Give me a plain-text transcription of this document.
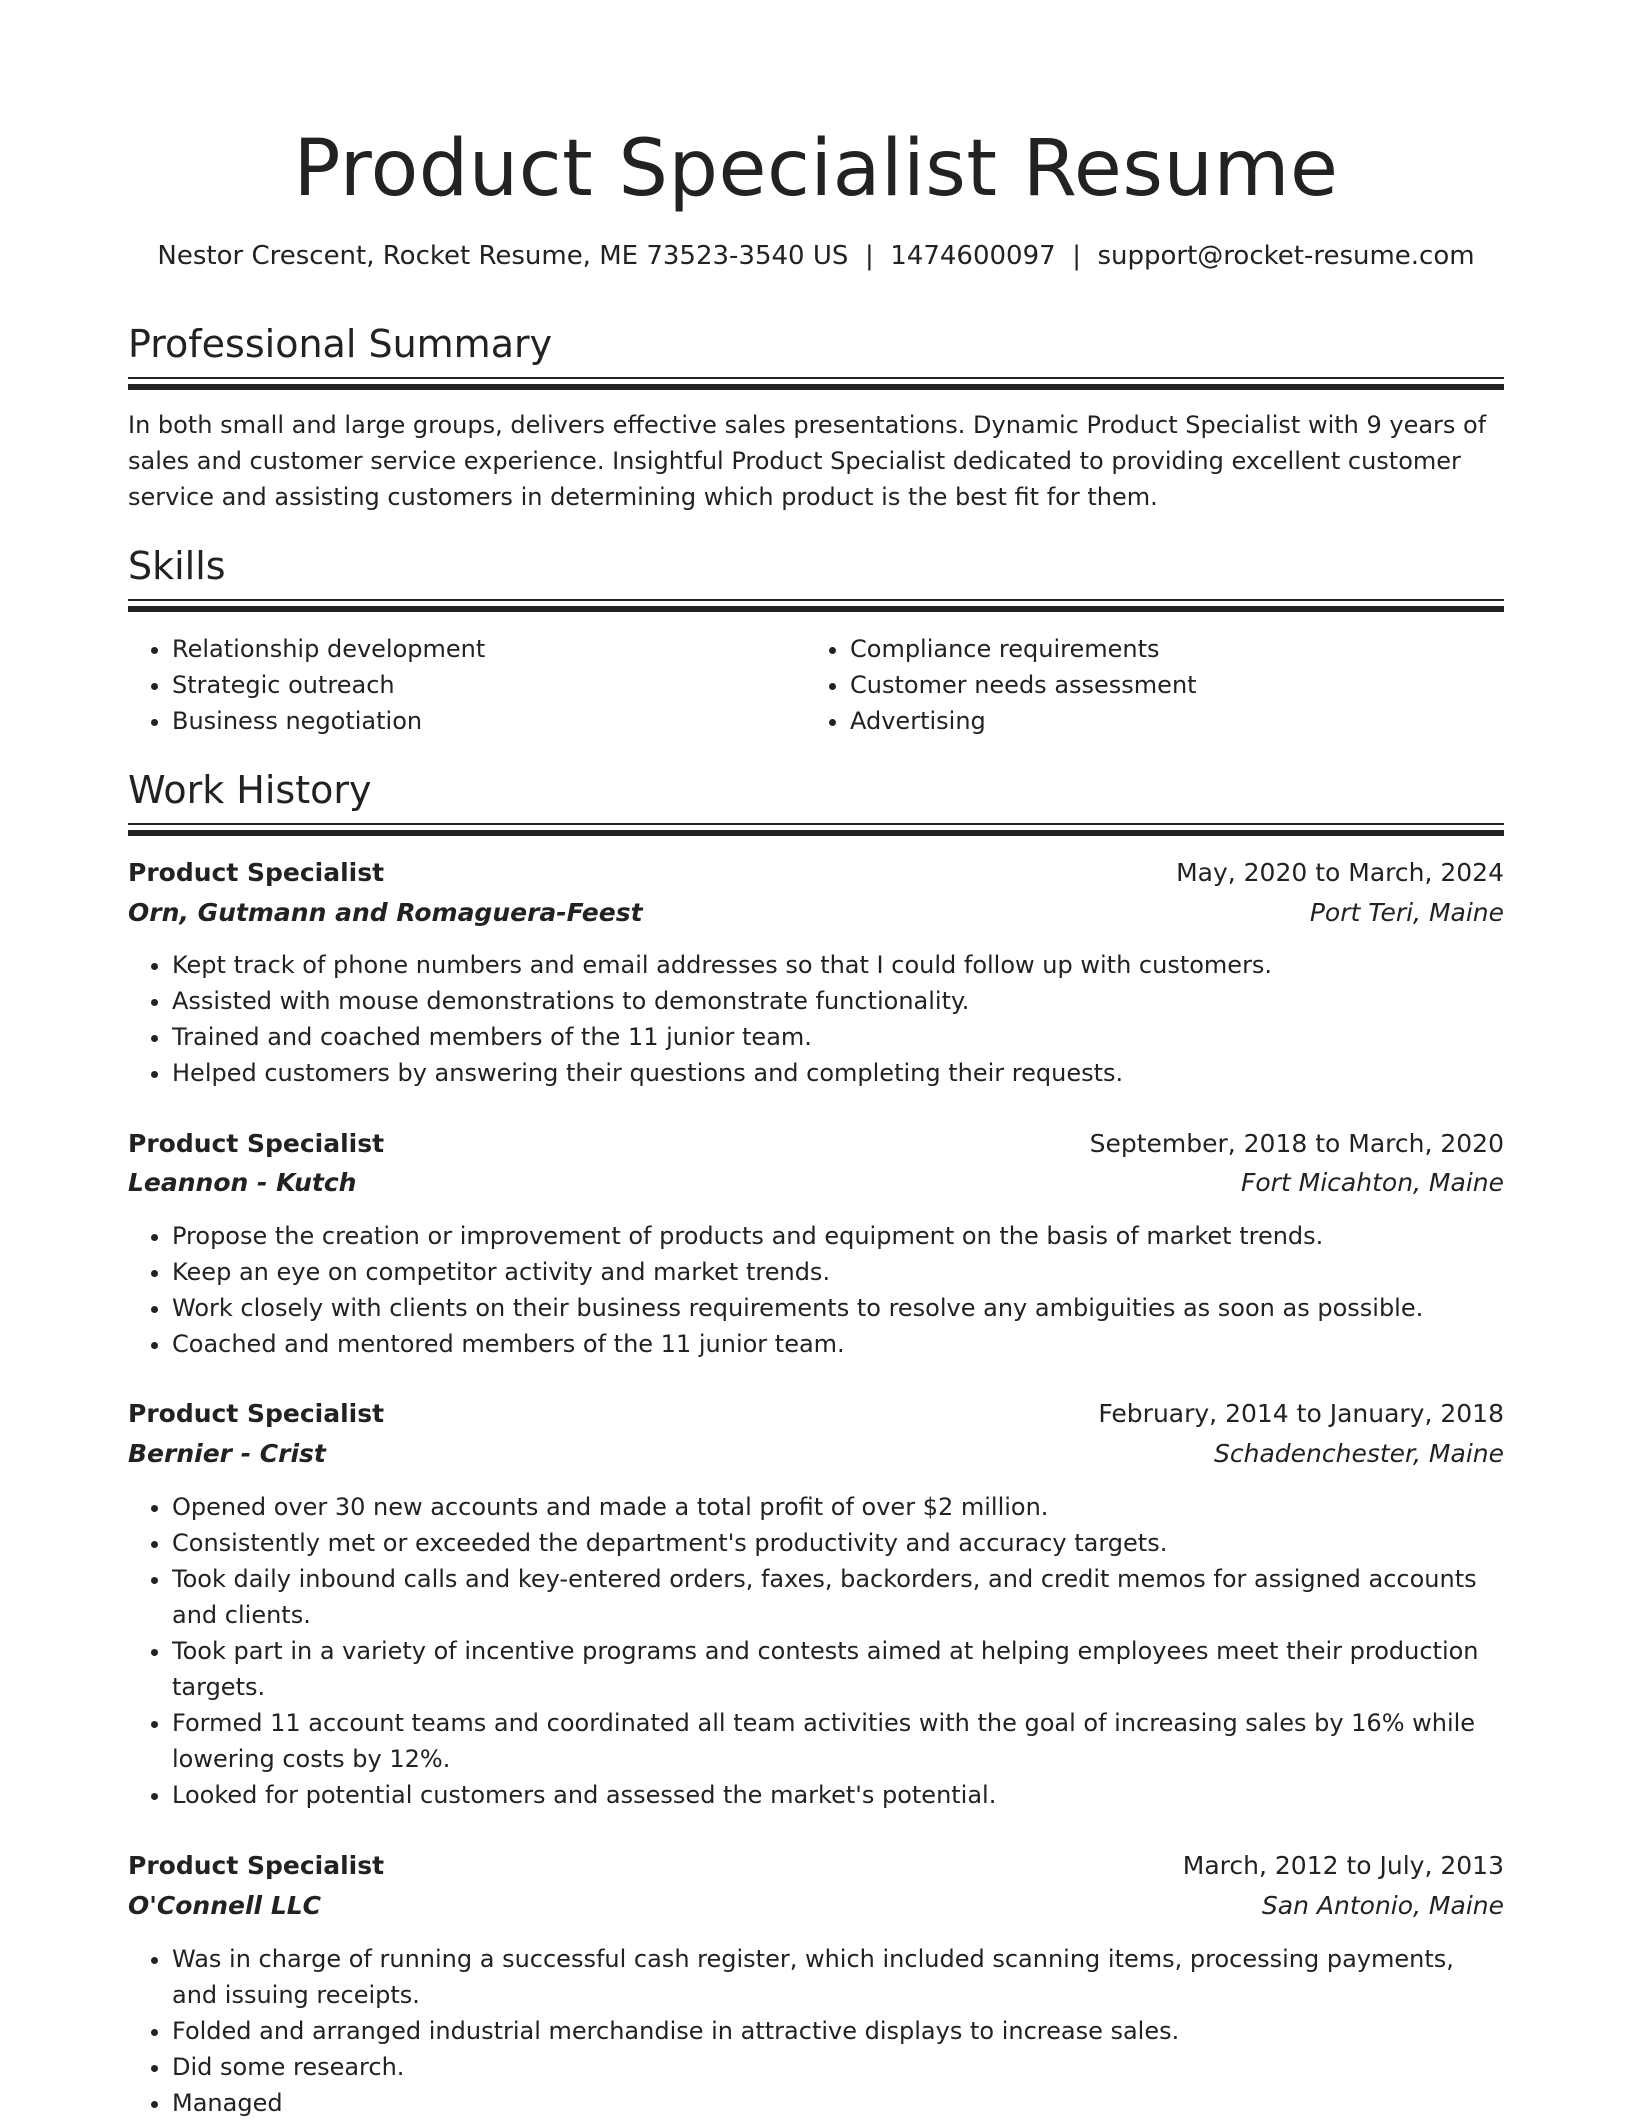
Product Specialist Resume
Nestor Crescent, Rocket Resume, ME 73523-3540 US | 1474600097 | support@rocket-resume.com
Professional Summary

In both small and large groups, delivers effective sales presentations. Dynamic Product Specialist with 9 years of sales and customer service experience. Insightful Product Specialist dedicated to providing excellent customer service and assisting customers in determining which product is the best fit for them.

Skills
• Relationship development
• Strategic outreach
• Business negotiation
• Compliance requirements
• Customer needs assessment
• Advertising
Work History
Product Specialist	May, 2020 to March, 2024
Orn, Gutmann and Romaguera-Feest	Port Teri, Maine
• Kept track of phone numbers and email addresses so that I could follow up with customers.
• Assisted with mouse demonstrations to demonstrate functionality.
• Trained and coached members of the 11 junior team.
• Helped customers by answering their questions and completing their requests.
Product Specialist	September, 2018 to March, 2020
Leannon - Kutch	Fort Micahton, Maine
• Propose the creation or improvement of products and equipment on the basis of market trends.
• Keep an eye on competitor activity and market trends.
• Work closely with clients on their business requirements to resolve any ambiguities as soon as possible.
• Coached and mentored members of the 11 junior team.
Product Specialist	February, 2014 to January, 2018
Bernier - Crist	Schadenchester, Maine
• Opened over 30 new accounts and made a total profit of over $2 million.
• Consistently met or exceeded the department's productivity and accuracy targets.
• Took daily inbound calls and key-entered orders, faxes, backorders, and credit memos for assigned accounts and clients.
• Took part in a variety of incentive programs and contests aimed at helping employees meet their production targets.
• Formed 11 account teams and coordinated all team activities with the goal of increasing sales by 16% while lowering costs by 12%.
• Looked for potential customers and assessed the market's potential.
Product Specialist	March, 2012 to July, 2013
O'Connell LLC	San Antonio, Maine
• Was in charge of running a successful cash register, which included scanning items, processing payments, and issuing receipts.
• Folded and arranged industrial merchandise in attractive displays to increase sales.
• Did some research.
• Managed
